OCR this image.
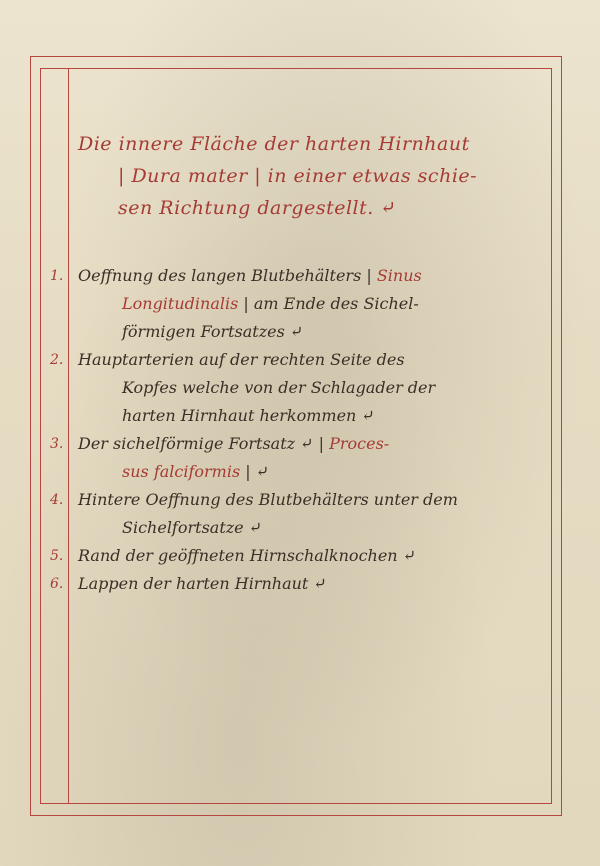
Die innere Fläche der harten Hirnhaut
| Dura mater | in einer etwas schie-
sen Richtung dargestellt. ⤶
1. Oeffnung des langen Blutbehälters | Sinus
Longitudinalis | am Ende des Sichel-
förmigen Fortsatzes ⤶
2. Hauptarterien auf der rechten Seite des
Kopfes welche von der Schlagader der
harten Hirnhaut herkommen ⤶
3. Der sichelförmige Fortsatz ⤶ | Proces-
sus falciformis | ⤶
4. Hintere Oeffnung des Blutbehälters unter dem
Sichelfortsatze ⤶
5. Rand der geöffneten Hirnschalknochen ⤶
6. Lappen der harten Hirnhaut ⤶
